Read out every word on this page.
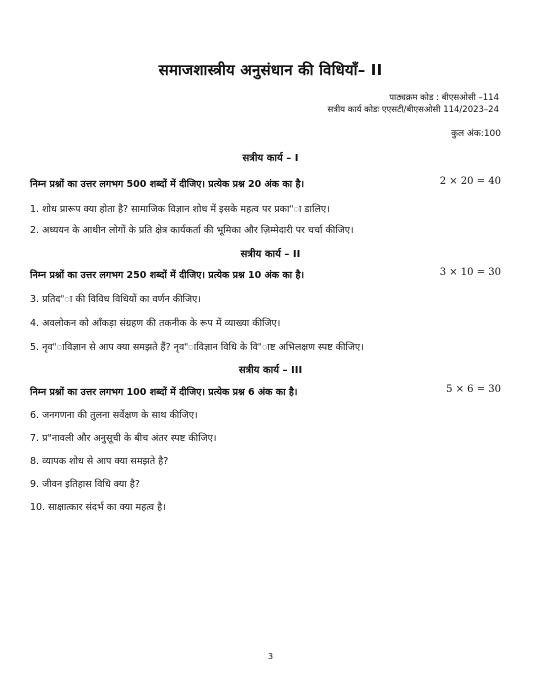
समाजशास्त्रीय अनुसंधान की विधियाँ– II
पाठ्यक्रम कोड : बीएसओसी –114
सत्रीय कार्य कोडः एएसटी/बीएसओसी 114/2023–24
कुल अंक:100
सत्रीय कार्य – I
निम्न प्रश्नों का उत्तर लगभग 500 शब्दों में दीजिए। प्रत्येक प्रश्न 20 अंक का है।	2 × 20 = 40
1. शोध प्रारूप क्या होता है? सामाजिक विज्ञान शोध में इसके महत्व पर प्रका"ा डालिए।
2. अध्ययन के आधीन लोगों के प्रति क्षेत्र कार्यकर्ता की भूमिका और ज़िम्मेदारी पर चर्चा कीजिए।
सत्रीय कार्य – II
निम्न प्रश्नों का उत्तर लगभग 250 शब्दों में दीजिए। प्रत्येक प्रश्न 10 अंक का है।	3 × 10 = 30
3. प्रतिद"ा की विविध विधियों का वर्णन कीजिए।
4. अवलोकन को आँकड़ा संग्रहण की तकनीक के रूप में व्याख्या कीजिए।
5. नृव"ाविज्ञान से आप क्या समझते हैं? नृव"ाविज्ञान विधि के वि"ाष्ट अभिलक्षण स्पष्ट कीजिए।
सत्रीय कार्य – III
निम्न प्रश्नों का उत्तर लगभग 100 शब्दों में दीजिए। प्रत्येक प्रश्न 6 अंक का है।	5 × 6 = 30
6. जनगणना की तुलना सर्वेक्षण के साथ कीजिए।
7. प्र"नावली और अनुसूची के बीच अंतर स्पष्ट कीजिए।
8. व्यापक शोध से आप क्या समझते है?
9. जीवन इतिहास विधि क्या है?
10. साक्षात्कार संदर्भ का क्या महत्व है।
3
